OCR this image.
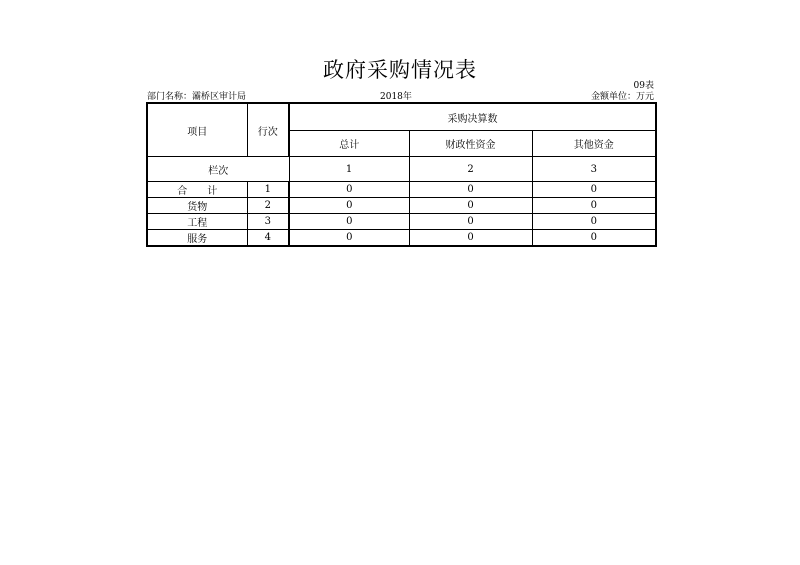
政府采购情况表
09表
部门名称：灞桥区审计局	2018年	金额单位：万元
项目	行次	采购决算数		
		总计	财政性资金	其他资金
栏次		1	2	3
合　　计	1	0	0	0
货物	2	0	0	0
工程	3	0	0	0
服务	4	0	0	0
